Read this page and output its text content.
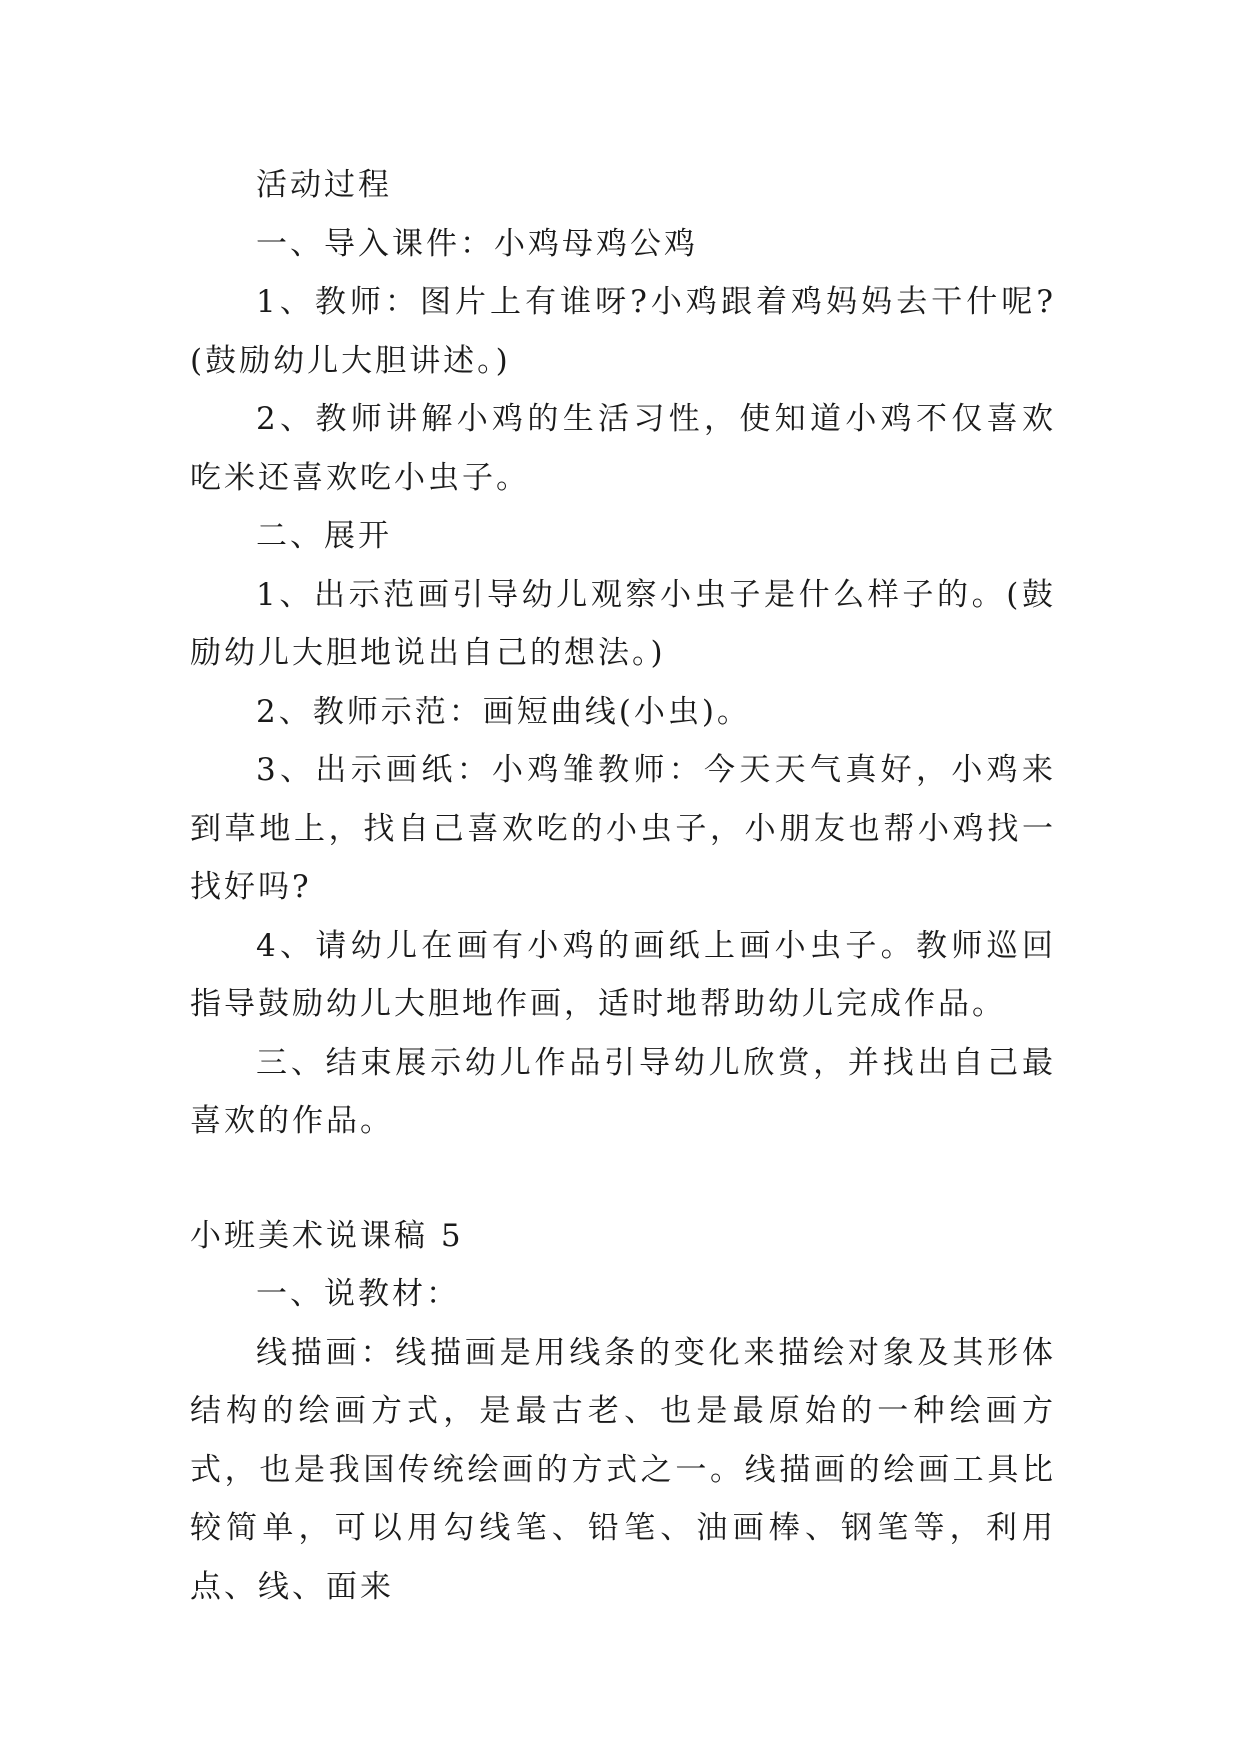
活动过程

一、导入课件：小鸡母鸡公鸡

1、教师：图片上有谁呀?小鸡跟着鸡妈妈去干什呢?(鼓励幼儿大胆讲述。)

2、教师讲解小鸡的生活习性，使知道小鸡不仅喜欢吃米还喜欢吃小虫子。

二、展开

1、出示范画引导幼儿观察小虫子是什么样子的。(鼓励幼儿大胆地说出自己的想法。)

2、教师示范：画短曲线(小虫)。

3、出示画纸：小鸡雏教师：今天天气真好，小鸡来到草地上，找自己喜欢吃的小虫子，小朋友也帮小鸡找一找好吗?

4、请幼儿在画有小鸡的画纸上画小虫子。教师巡回指导鼓励幼儿大胆地作画，适时地帮助幼儿完成作品。

三、结束展示幼儿作品引导幼儿欣赏，并找出自己最喜欢的作品。

小班美术说课稿 5

一、说教材：

线描画：线描画是用线条的变化来描绘对象及其形体结构的绘画方式，是最古老、也是最原始的一种绘画方式，也是我国传统绘画的方式之一。线描画的绘画工具比较简单，可以用勾线笔、铅笔、油画棒、钢笔等，利用点、线、面来
